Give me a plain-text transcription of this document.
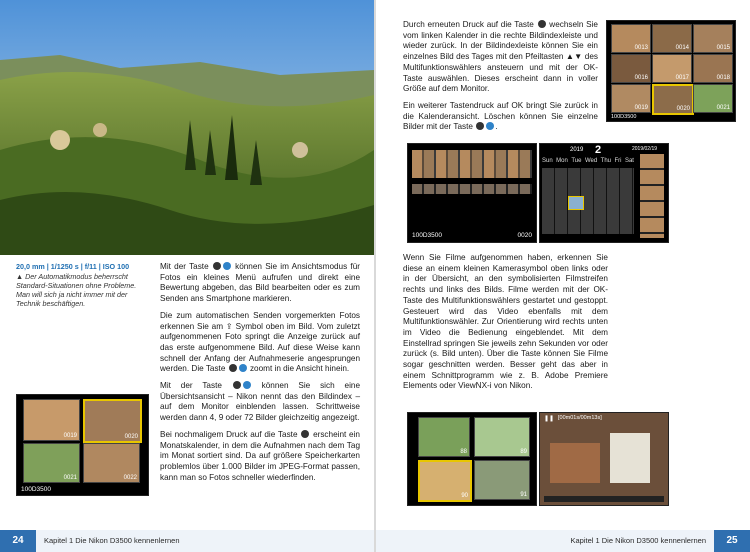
20,0 mm | 1/1250 s | f/11 | ISO 100
▲ Der Automatikmodus beherrscht Standard-Situationen ohne Probleme. Man will sich ja nicht immer mit der Technik beschäftigen.

Mit der Taste	können Sie im Ansichtsmodus für Fotos ein kleines Menü aufrufen und direkt eine Bewertung abgeben, das Bild bearbeiten oder es zum Senden ans Smartphone markieren.

Die zum automatischen Senden vorgemerkten Fotos erkennen Sie am ⇪ Symbol oben im Bild. Vom zuletzt aufgenommenen Foto springt die Anzeige zurück auf das erste aufgenommene Bild. Auf diese Weise kann schnell der Anfang der Aufnahmeserie angesprungen werden. Die Taste	zoomt in die Ansicht hinein.

Mit der Taste	können Sie sich eine Übersichtsansicht – Nikon nennt das den Bildindex – auf dem Monitor einblenden lassen. Schrittweise werden dann 4, 9 oder 72 Bilder gleichzeitig angezeigt.

Bei nochmaligem Druck auf die Taste erscheint ein Monatskalender, in dem die Aufnahmen nach dem Tag im Monat sortiert sind. Da auf größere Speicherkarten problemlos über 1.000 Bilder im JPEG-Format passen, kann man so Fotos schneller wiederfinden.

0019	0020
0021	0022
100D3500
24	Kapitel 1 Die Nikon D3500 kennenlernen

Durch erneuten Druck auf die Taste wechseln Sie vom linken Kalender in die rechte Bildindexleiste und wieder zurück. In der Bildindexleiste können Sie ein einzelnes Bild des Tages mit den Pfeiltasten ▲▼ des Multifunktionswählers ansteuern und mit der OK-Taste auswählen. Dieses erscheint dann in voller Größe auf dem Monitor.

Ein weiterer Tastendruck auf OK bringt Sie zurück in die Kalenderansicht. Löschen können Sie einzelne Bilder mit der Taste	.

0013	0014	0015
0016	0017	0018
0019	0020	0021
100D3500
100D3500	0020
2019 2	2019/02/19
Sun Mon Tue Wed Thu Fri Sat

Wenn Sie Filme aufgenommen haben, erkennen Sie diese an einem kleinen Kamerasymbol oben links oder in der Übersicht, an den symbolisierten Filmstreifen rechts und links des Bilds. Filme werden mit der OK-Taste des Multifunktionswählers gestartet und gestoppt. Gesteuert wird das Video ebenfalls mit dem Multifunktionswähler. Zur Orientierung wird rechts unten im Video die Bedienung eingeblendet. Mit dem Einstellrad springen Sie jeweils zehn Sekunden vor oder zurück (s. Bild unten). Über die Taste können Sie Filme sogar geschnitten werden. Besser geht das aber in einem Schnittprogramm wie z. B. Adobe Premiere Elements oder ViewNX-i von Nikon.

88	89
90	91
❚❚ [00m01s/00m13s]
Kapitel 1 Die Nikon D3500 kennenlernen	25
